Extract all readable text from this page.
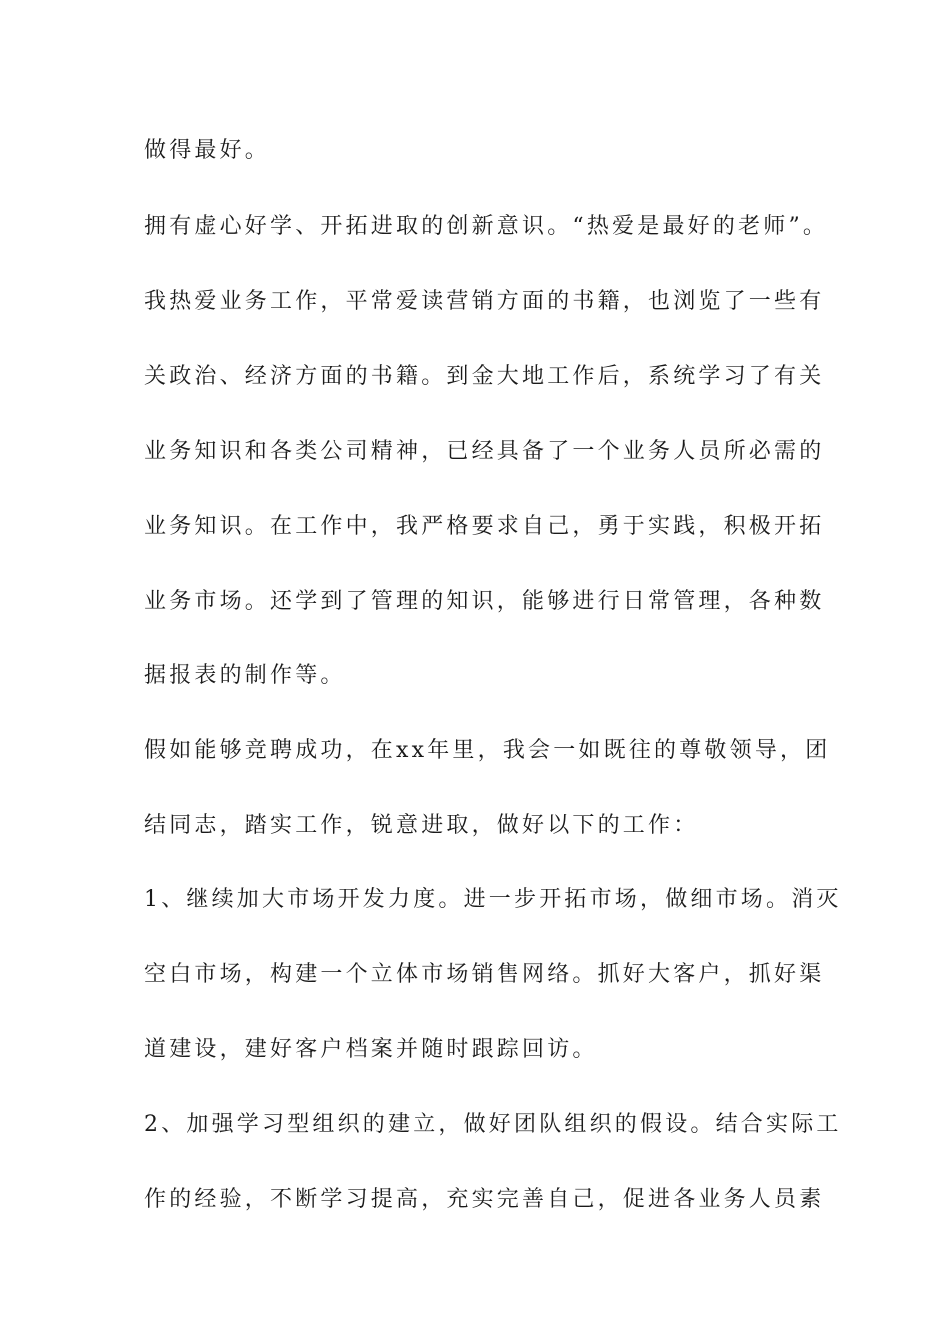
做得最好。
拥有虚心好学、开拓进取的创新意识。“热爱是最好的老师”。
我热爱业务工作，平常爱读营销方面的书籍，也浏览了一些有
关政治、经济方面的书籍。到金大地工作后，系统学习了有关
业务知识和各类公司精神，已经具备了一个业务人员所必需的
业务知识。在工作中，我严格要求自己，勇于实践，积极开拓
业务市场。还学到了管理的知识，能够进行日常管理，各种数
据报表的制作等。
假如能够竞聘成功，在xx年里，我会一如既往的尊敬领导，团
结同志，踏实工作，锐意进取，做好以下的工作：
1、继续加大市场开发力度。进一步开拓市场，做细市场。消灭
空白市场，构建一个立体市场销售网络。抓好大客户，抓好渠
道建设，建好客户档案并随时跟踪回访。
2、加强学习型组织的建立，做好团队组织的假设。结合实际工
作的经验，不断学习提高，充实完善自己，促进各业务人员素
